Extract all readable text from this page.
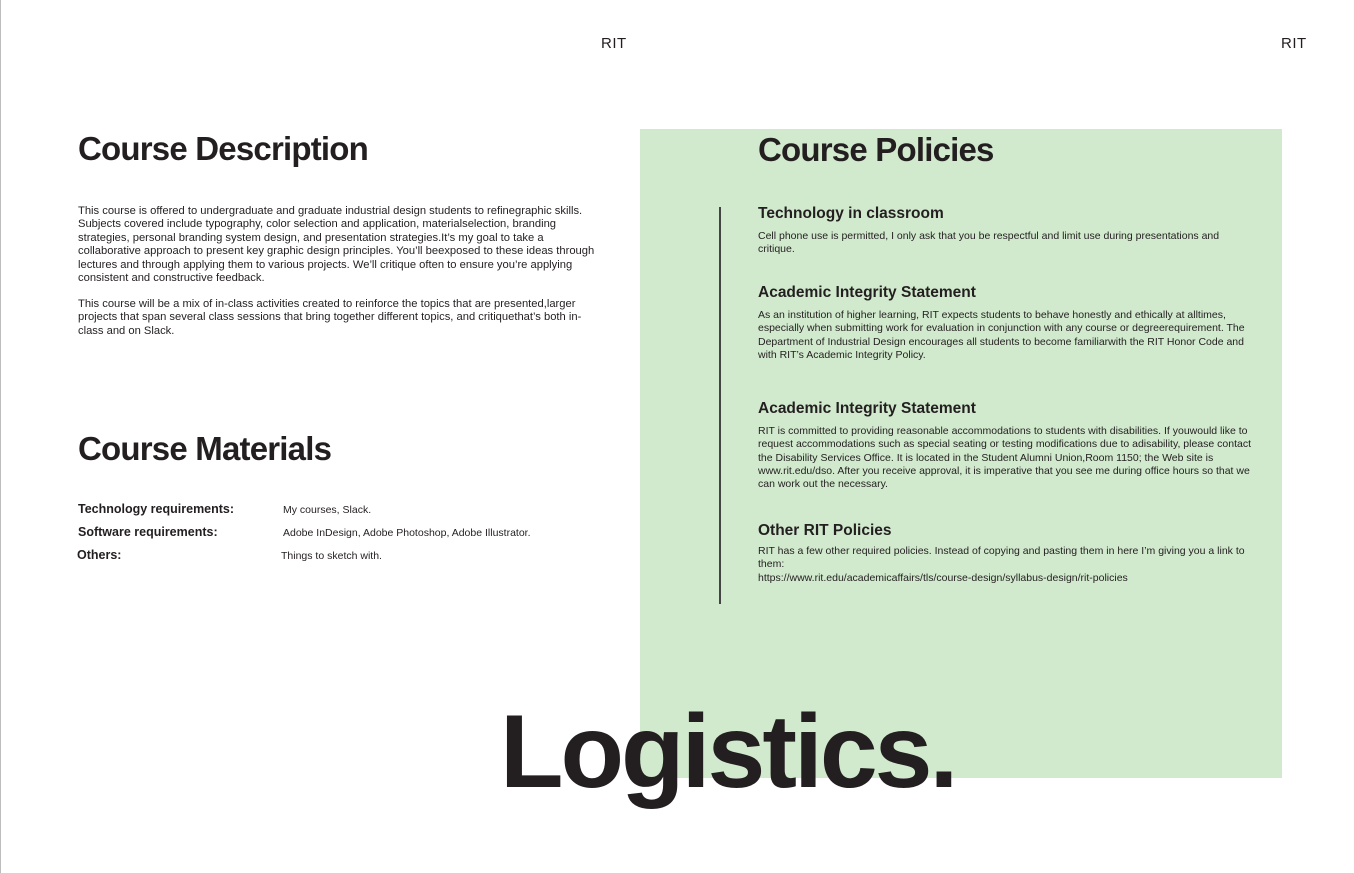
RIT	RIT
Course Description

This course is offered to undergraduate and graduate industrial design students to refinegraphic skills. Subjects covered include typography, color selection and application, materialselection, branding strategies, personal branding system design, and presentation strategies.It’s my goal to take a collaborative approach to present key graphic design principles. You’ll beexposed to these ideas through lectures and through applying them to various projects. We’ll critique often to ensure you’re applying consistent and constructive feedback.

This course will be a mix of in-class activities created to reinforce the topics that are presented,larger projects that span several class sessions that bring together different topics, and critiquethat’s both in-class and on Slack.

Course Materials
Technology requirements:	My courses, Slack.
Software requirements:	Adobe InDesign, Adobe Photoshop, Adobe Illustrator.
Others:	Things to sketch with.
Course Policies
Technology in classroom

Cell phone use is permitted, I only ask that you be respectful and limit use during presentations and critique.

Academic Integrity Statement

As an institution of higher learning, RIT expects students to behave honestly and ethically at alltimes, especially when submitting work for evaluation in conjunction with any course or degreerequirement. The Department of Industrial Design encourages all students to become familiarwith the RIT Honor Code and with RIT’s Academic Integrity Policy.

Academic Integrity Statement

RIT is committed to providing reasonable accommodations to students with disabilities. If youwould like to request accommodations such as special seating or testing modifications due to adisability, please contact the Disability Services Office. It is located in the Student Alumni Union,Room 1150; the Web site is www.rit.edu/dso. After you receive approval, it is imperative that you see me during office hours so that we can work out the necessary.

Other RIT Policies

RIT has a few other required policies. Instead of copying and pasting them in here I’m giving you a link to them:
https://www.rit.edu/academicaffairs/tls/course-design/syllabus-design/rit-policies

Logistics.
